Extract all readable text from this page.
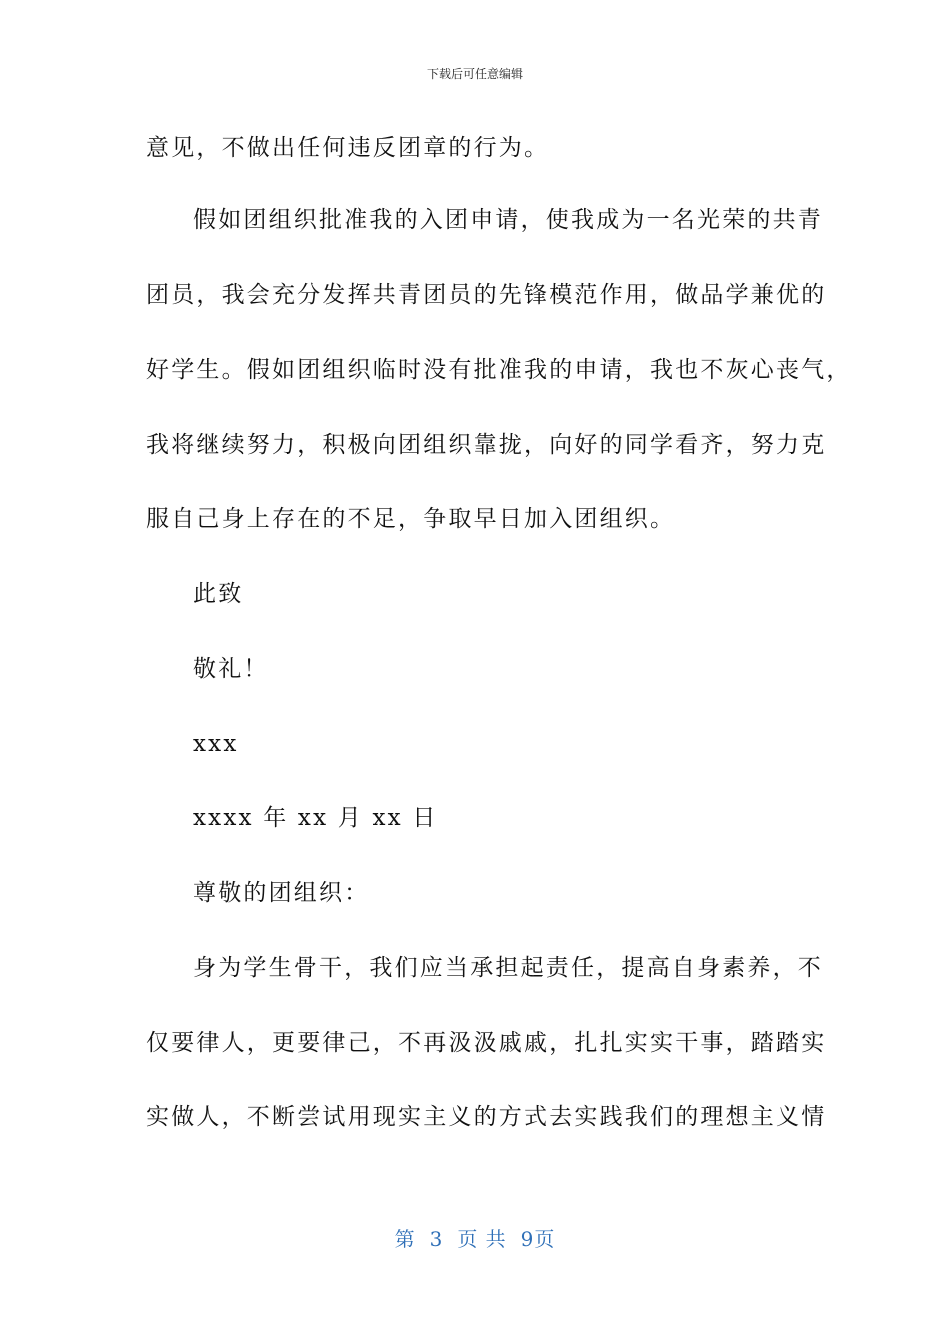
下载后可任意编辑
意见，不做出任何违反团章的行为。
假如团组织批准我的入团申请，使我成为一名光荣的共青
团员，我会充分发挥共青团员的先锋模范作用，做品学兼优的
好学生。假如团组织临时没有批准我的申请，我也不灰心丧气，
我将继续努力，积极向团组织靠拢，向好的同学看齐，努力克
服自己身上存在的不足，争取早日加入团组织。
此致
敬礼！
xxx
xxxx 年 xx 月 xx 日
尊敬的团组织：
身为学生骨干，我们应当承担起责任，提高自身素养，不
仅要律人，更要律己，不再汲汲戚戚，扎扎实实干事，踏踏实
实做人，不断尝试用现实主义的方式去实践我们的理想主义情
第 3 页 共 9页
